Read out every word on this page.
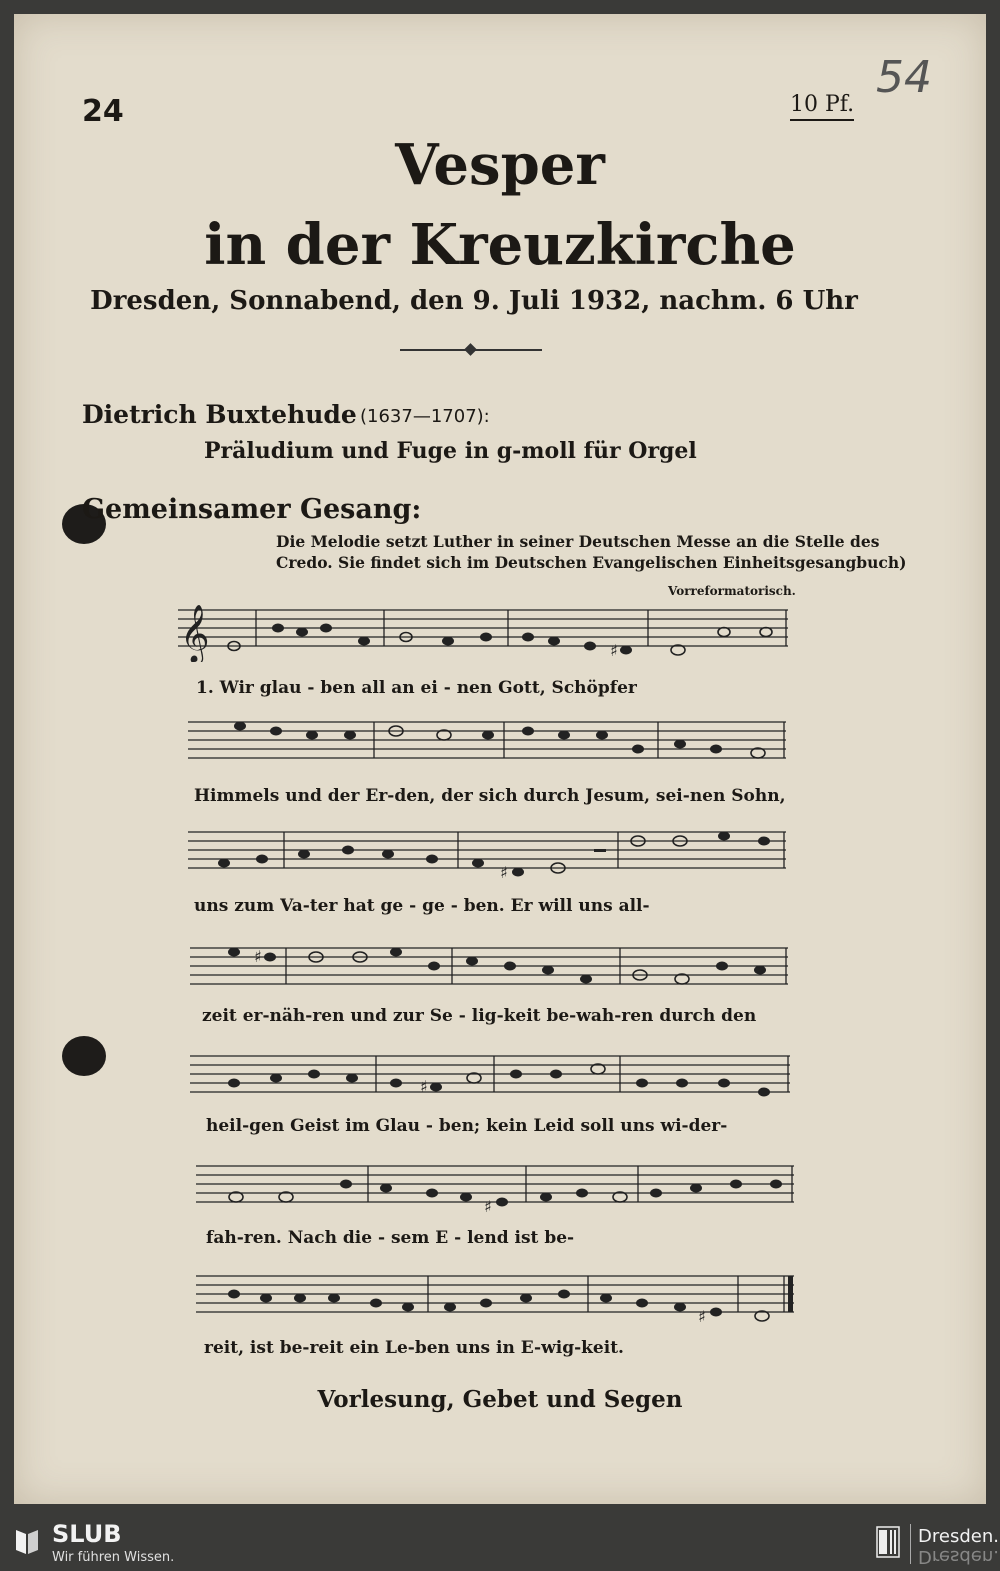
24	10 Pf.
54
Vesper
in der Kreuzkirche
Dresden, Sonnabend, den 9. Juli 1932, nachm. 6 Uhr
Dietrich Buxtehude (1637—1707):
Präludium und Fuge in g-moll für Orgel
Gemeinsamer Gesang:
Die Melodie setzt Luther in seiner Deutschen Messe an die Stelle des
Credo. Sie findet sich im Deutschen Evangelischen Einheitsgesangbuch)
Vorreformatorisch.
𝄞	♯
1. Wir glau - ben all an ei - nen Gott, Schöpfer
Himmels und der Er-den, der sich durch Jesum, sei-nen Sohn,
♯
uns zum Va-ter hat ge - ge - ben. Er will uns all-
♯
zeit er-näh-ren und zur Se - lig-keit be-wah-ren durch den
♯
heil-gen Geist im Glau - ben; kein Leid soll uns wi-der-
♯
fah-ren. Nach die - sem E - lend ist be-
♯
reit, ist be-reit ein Le-ben uns in E-wig-keit.
Vorlesung, Gebet und Segen
SLUB
Wir führen Wissen.
Dresden.
Dresden.
